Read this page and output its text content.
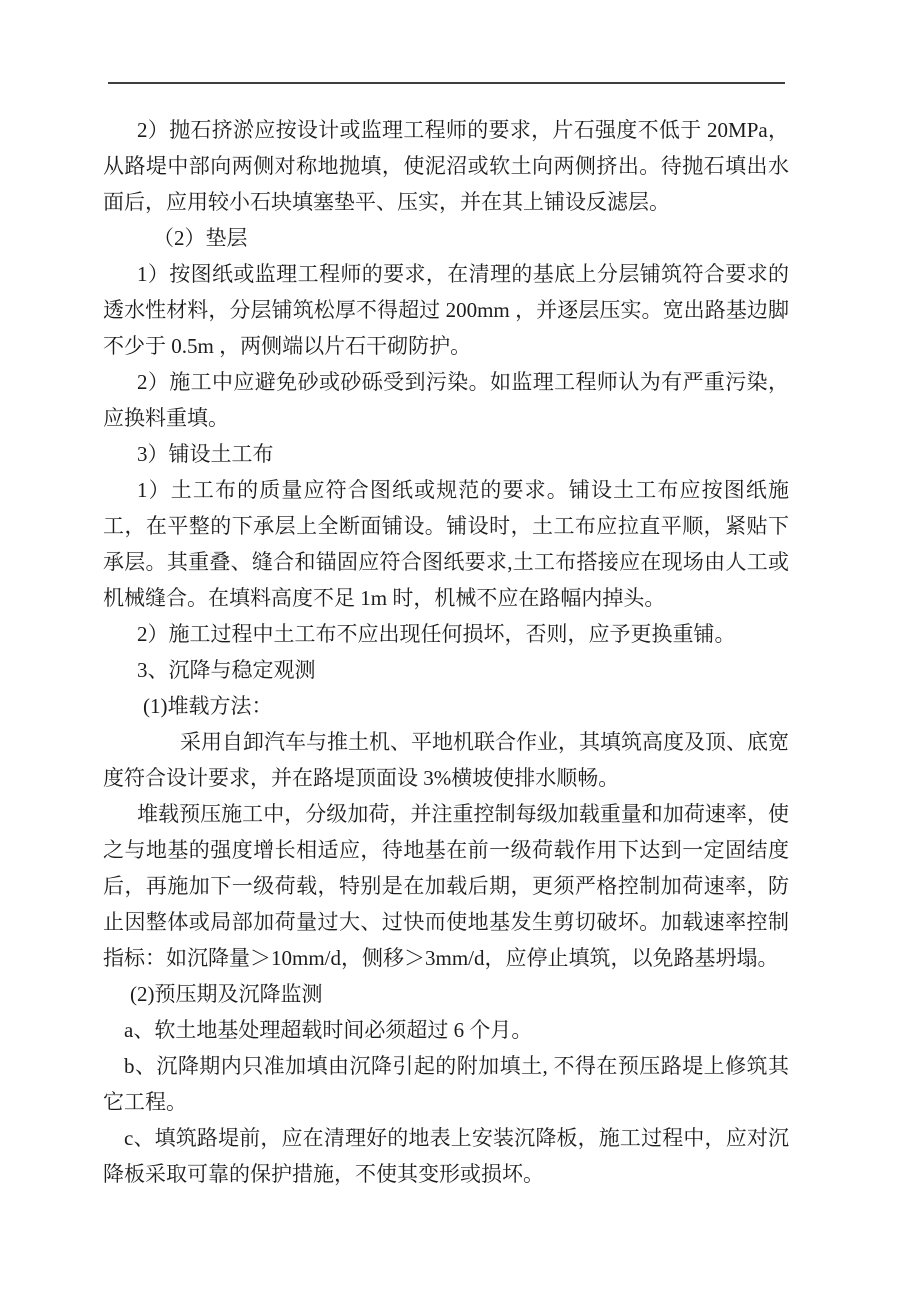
2）抛石挤淤应按设计或监理工程师的要求，片石强度不低于 20MPa，从路堤中部向两侧对称地抛填，使泥沼或软土向两侧挤出。待抛石填出水面后，应用较小石块填塞垫平、压实，并在其上铺设反滤层。

（2）垫层

1）按图纸或监理工程师的要求，在清理的基底上分层铺筑符合要求的透水性材料，分层铺筑松厚不得超过 200mm ，并逐层压实。宽出路基边脚不少于 0.5m ，两侧端以片石干砌防护。

2）施工中应避免砂或砂砾受到污染。如监理工程师认为有严重污染，应换料重填。

3）铺设土工布

1）土工布的质量应符合图纸或规范的要求。铺设土工布应按图纸施工，在平整的下承层上全断面铺设。铺设时，土工布应拉直平顺，紧贴下承层。其重叠、缝合和锚固应符合图纸要求,土工布搭接应在现场由人工或机械缝合。在填料高度不足 1m 时，机械不应在路幅内掉头。

2）施工过程中土工布不应出现任何损坏，否则，应予更换重铺。

3、沉降与稳定观测

(1)堆载方法：

采用自卸汽车与推土机、平地机联合作业，其填筑高度及顶、底宽度符合设计要求，并在路堤顶面设 3%横坡使排水顺畅。

堆载预压施工中，分级加荷，并注重控制每级加载重量和加荷速率，使之与地基的强度增长相适应，待地基在前一级荷载作用下达到一定固结度后，再施加下一级荷载，特别是在加载后期，更须严格控制加荷速率，防止因整体或局部加荷量过大、过快而使地基发生剪切破坏。加载速率控制指标：如沉降量＞10mm/d，侧移＞3mm/d，应停止填筑，以免路基坍塌。

(2)预压期及沉降监测

a、软土地基处理超载时间必须超过 6 个月。

b、沉降期内只准加填由沉降引起的附加填土, 不得在预压路堤上修筑其它工程。

c、填筑路堤前，应在清理好的地表上安装沉降板，施工过程中，应对沉降板采取可靠的保护措施，不使其变形或损坏。
